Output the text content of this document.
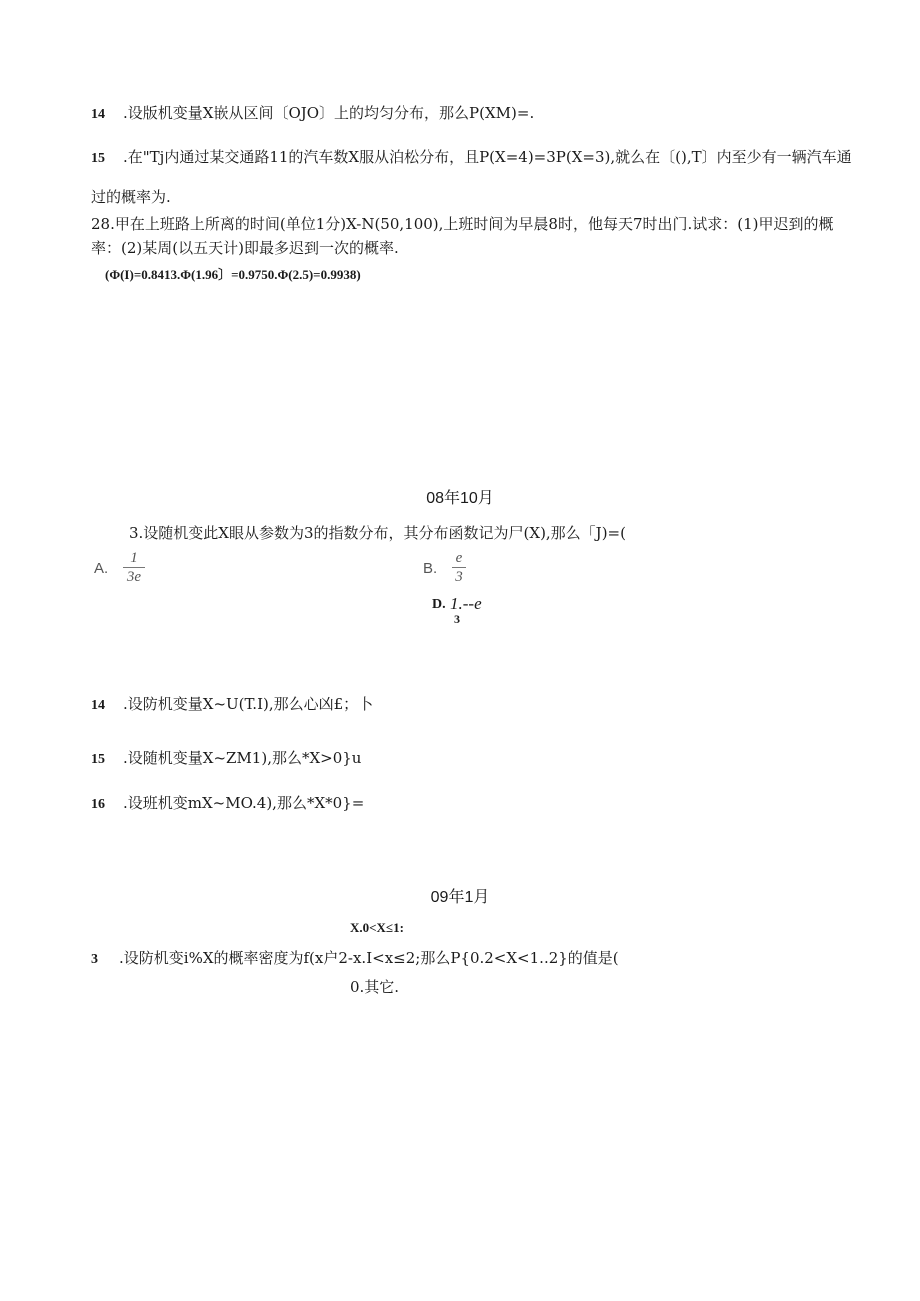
14 .设版机变量X嵌从区间〔OJO〕上的均匀分布，那么P(XM)=.
15 .在"Tj内通过某交通路11的汽车数X服从泊松分布，且P(X=4)=3P(X=3),就么在〔(),T〕内至少有一辆汽车通
过的概率为.
28.甲在上班路上所离的时间(单位1分)X-N(50,100),上班时间为早晨8时，他每天7时出门.试求：(1)甲迟到的概
率：(2)某周(以五天计)即最多迟到一次的概率.
(Φ(I)=0.8413.Φ(1.96〕=0.9750.Φ(2.5)=0.9938)
08年10月
3.设随机变此X眼从参数为3的指数分布，其分布函数记为尸(X),那么「J)=(
A.
1
3e	B.
e
3
D. 1.--e
3
14 .设防机变量X~U(T.I),那么心凶£；卜
15 .设随机变量X~ZM1),那么*X>0}u
16 .设班机变mX~MO.4),那么*X*0}=
09年1月
X.0<X≤1:
3 .设防机变i%X的概率密度为f(x户2-x.I<x≤2;那么P{0.2<X<1..2}的值是(
0.其它.
